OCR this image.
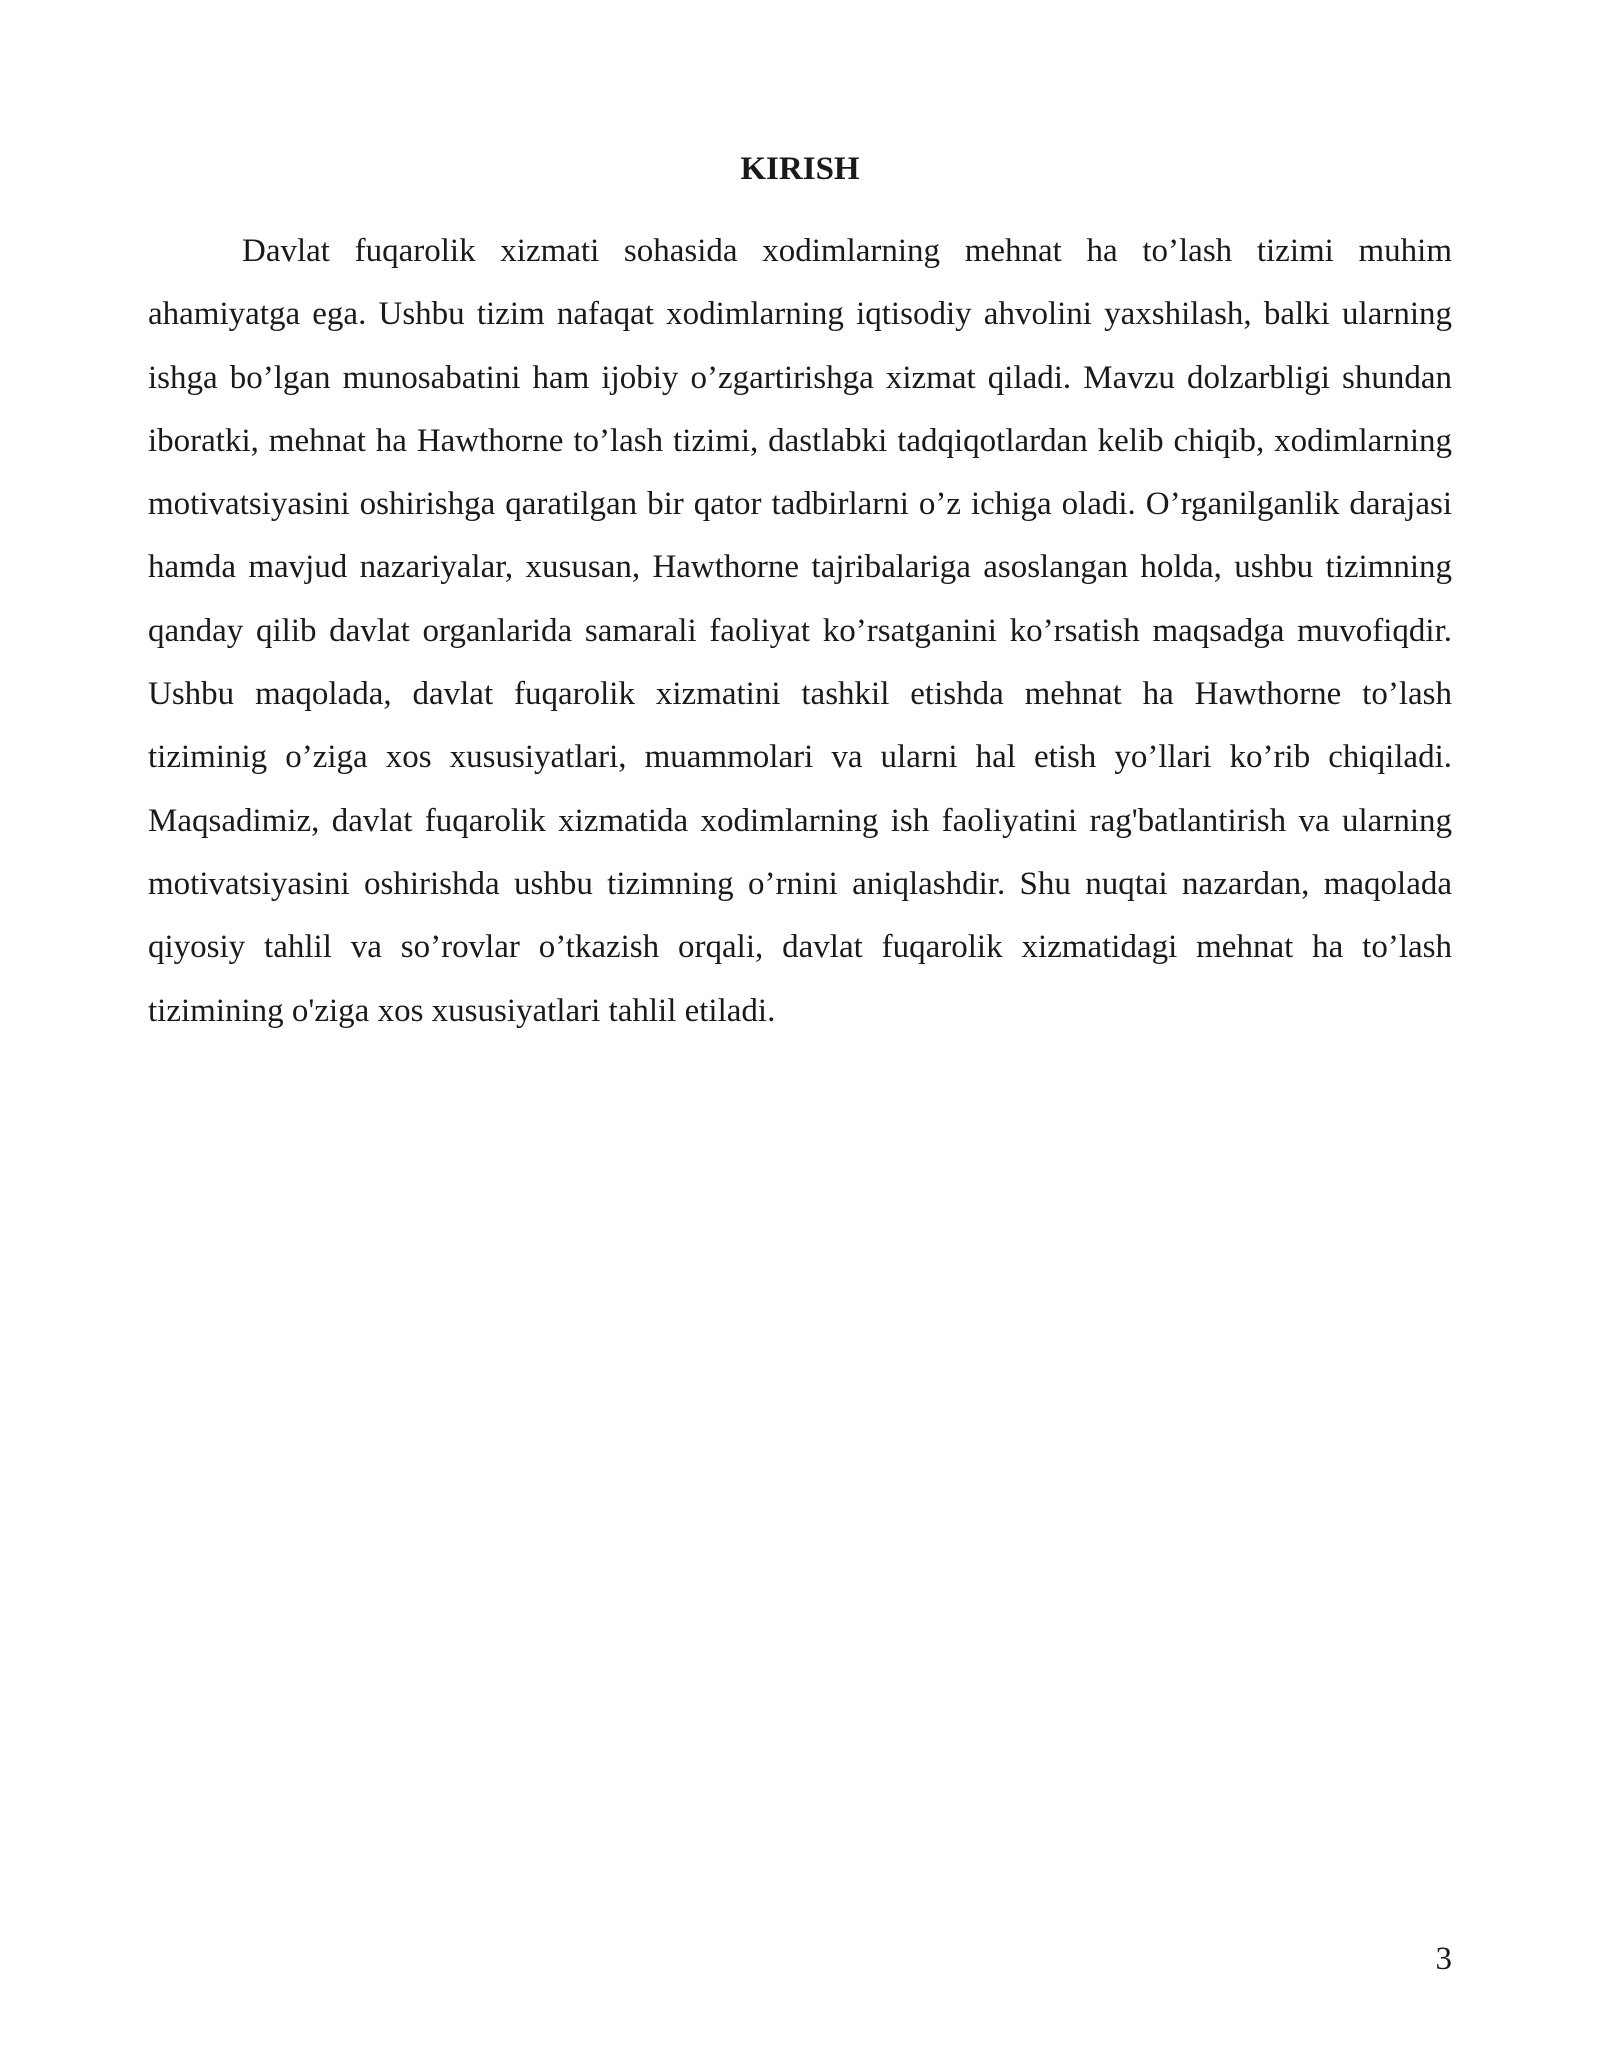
KIRISH

Davlat fuqarolik xizmati sohasida xodimlarning mehnat ha to’lash tizimi muhim ahamiyatga ega. Ushbu tizim nafaqat xodimlarning iqtisodiy ahvolini yaxshilash, balki ularning ishga bo’lgan munosabatini ham ijobiy o’zgartirishga xizmat qiladi. Mavzu dolzarbligi shundan iboratki, mehnat ha Hawthorne to’lash tizimi, dastlabki tadqiqotlardan kelib chiqib, xodimlarning motivatsiyasini oshirishga qaratilgan bir qator tadbirlarni o’z ichiga oladi. O’rganilganlik darajasi hamda mavjud nazariyalar, xususan, Hawthorne tajribalariga asoslangan holda, ushbu tizimning qanday qilib davlat organlarida samarali faoliyat ko’rsatganini ko’rsatish maqsadga muvofiqdir. Ushbu maqolada, davlat fuqarolik xizmatini tashkil etishda mehnat ha Hawthorne to’lash tiziminig o’ziga xos xususiyatlari, muammolari va ularni hal etish yo’llari ko’rib chiqiladi. Maqsadimiz, davlat fuqarolik xizmatida xodimlarning ish faoliyatini rag'batlantirish va ularning motivatsiyasini oshirishda ushbu tizimning o’rnini aniqlashdir. Shu nuqtai nazardan, maqolada qiyosiy tahlil va so’rovlar o’tkazish orqali, davlat fuqarolik xizmatidagi mehnat ha to’lash tizimining o'ziga xos xususiyatlari tahlil etiladi.

3
